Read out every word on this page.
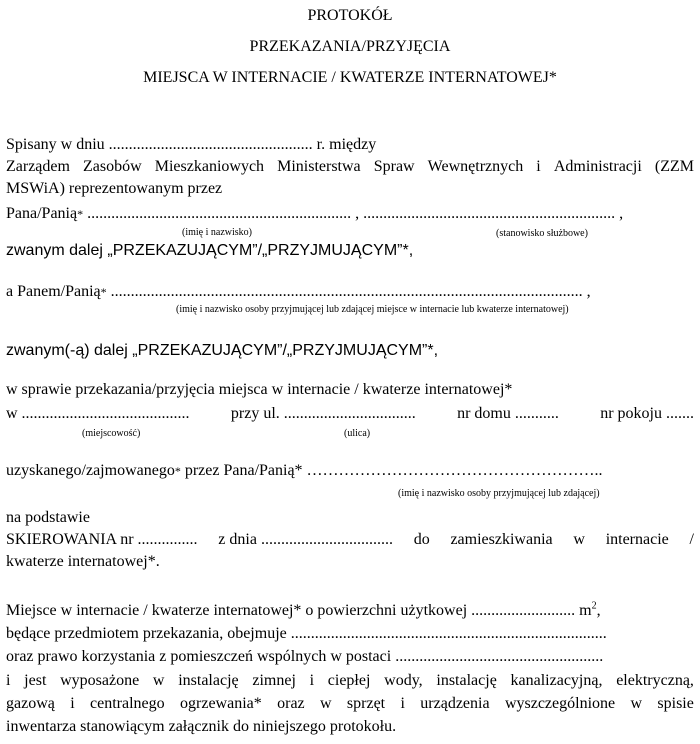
PROTOKÓŁ
PRZEKAZANIA/PRZYJĘCIA
MIEJSCA W INTERNACIE / KWATERZE INTERNATOWEJ*
Spisany w dniu ................................................... r. między
Zarządem Zasobów Mieszkaniowych Ministerstwa Spraw Wewnętrznych i Administracji (ZZM
MSWiA) reprezentowanym przez
Pana/Panią* .................................................................. , ............................................................... ,
(imię i nazwisko)	(stanowisko służbowe)
zwanym dalej „PRZEKAZUJĄCYM”/„PRZYJMUJĄCYM”*,
a Panem/Panią* ...................................................................................................................... ,
(imię i nazwisko osoby przyjmującej lub zdającej miejsce w internacie lub kwaterze internatowej)
zwanym(-ą) dalej „PRZEKAZUJĄCYM”/„PRZYJMUJĄCYM”*,
w sprawie przekazania/przyjęcia miejsca w internacie / kwaterze internatowej*
w ..........................................	przy ul. .................................	nr domu ...........	nr pokoju .......
(miejscowość)	(ulica)
uzyskanego/zajmowanego* przez Pana/Panią* ………………………………………………..
(imię i nazwisko osoby przyjmującej lub zdającej)
na podstawie
SKIEROWANIA nr ............... z dnia ................................. do zamieszkiwania w internacie /
kwaterze internatowej*.
Miejsce w internacie / kwaterze internatowej* o powierzchni użytkowej .......................... $m^2$,
będące przedmiotem przekazania, obejmuje ...............................................................................
oraz prawo korzystania z pomieszczeń wspólnych w postaci ....................................................
i jest wyposażone w instalację zimnej i ciepłej wody, instalację kanalizacyjną, elektryczną,
gazową i centralnego ogrzewania* oraz w sprzęt i urządzenia wyszczególnione w spisie
inwentarza stanowiącym załącznik do niniejszego protokołu.
